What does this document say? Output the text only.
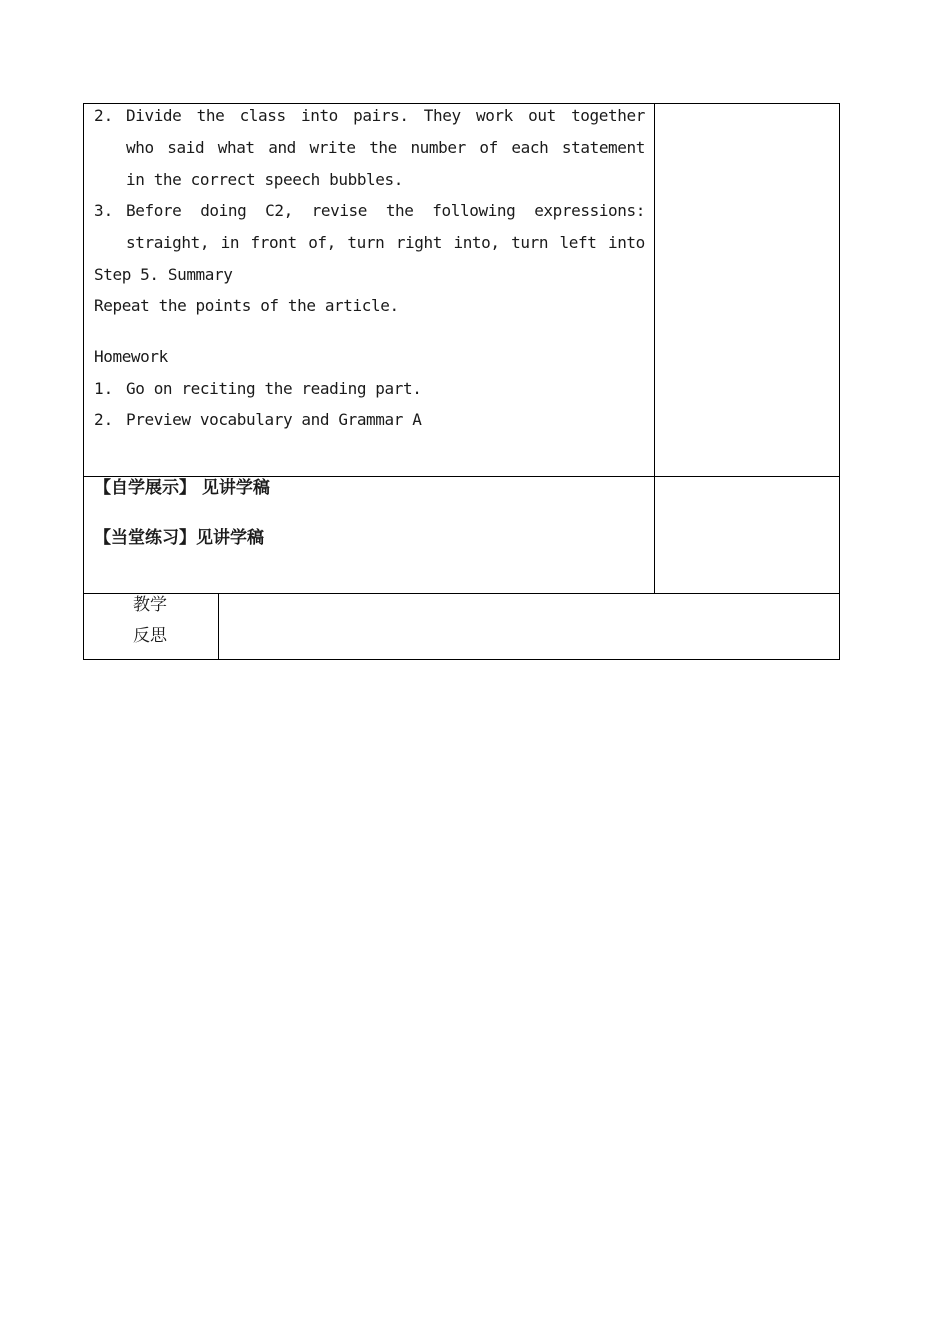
2. Divide the class into pairs. They work out together
who said what and write the number of each statement
in the correct speech bubbles.
3. Before doing C2, revise the following expressions:
straight, in front of, turn right into, turn left into
Step 5. Summary
Repeat the points of the article.
Homework
1. Go on reciting the reading part.
2. Preview vocabulary and Grammar A
【自学展示】 见讲学稿
【当堂练习】见讲学稿
教学
反思
